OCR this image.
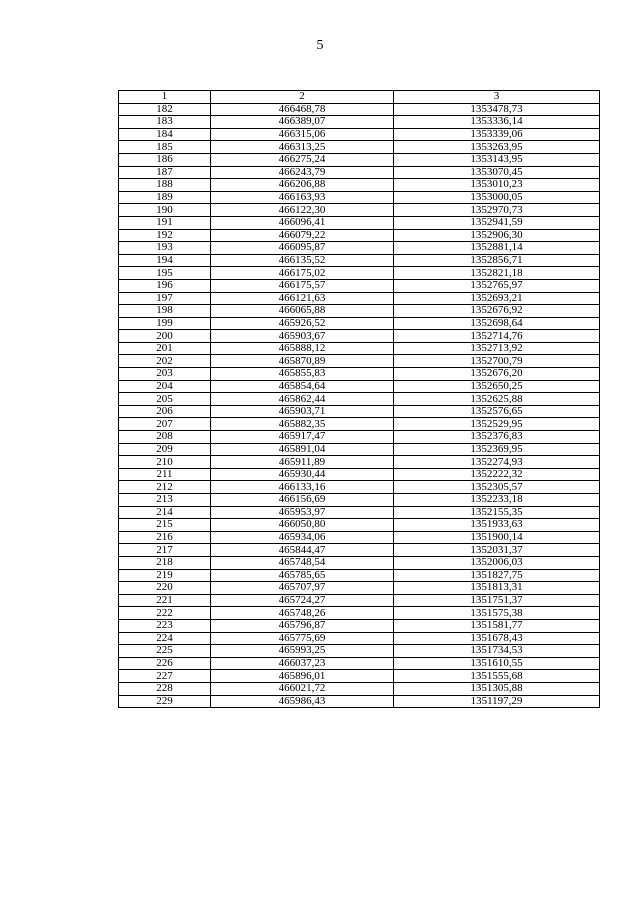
5
1	2	3
182	466468,78	1353478,73
183	466389,07	1353336,14
184	466315,06	1353339,06
185	466313,25	1353263,95
186	466275,24	1353143,95
187	466243,79	1353070,45
188	466206,88	1353010,23
189	466163,93	1353000,05
190	466122,30	1352970,73
191	466096,41	1352941,59
192	466079,22	1352906,30
193	466095,87	1352881,14
194	466135,52	1352856,71
195	466175,02	1352821,18
196	466175,57	1352765,97
197	466121,63	1352693,21
198	466065,88	1352676,92
199	465926,52	1352698,64
200	465903,67	1352714,76
201	465888,12	1352713,92
202	465870,89	1352700,79
203	465855,83	1352676,20
204	465854,64	1352650,25
205	465862,44	1352625,88
206	465903,71	1352576,65
207	465882,35	1352529,95
208	465917,47	1352376,83
209	465891,04	1352369,95
210	465911,89	1352274,93
211	465930,44	1352222,32
212	466133,16	1352305,57
213	466156,69	1352233,18
214	465953,97	1352155,35
215	466050,80	1351933,63
216	465934,06	1351900,14
217	465844,47	1352031,37
218	465748,54	1352006,03
219	465785,65	1351827,75
220	465707,97	1351813,31
221	465724,27	1351751,37
222	465748,26	1351575,38
223	465796,87	1351581,77
224	465775,69	1351678,43
225	465993,25	1351734,53
226	466037,23	1351610,55
227	465896,01	1351555,68
228	466021,72	1351305,88
229	465986,43	1351197,29
